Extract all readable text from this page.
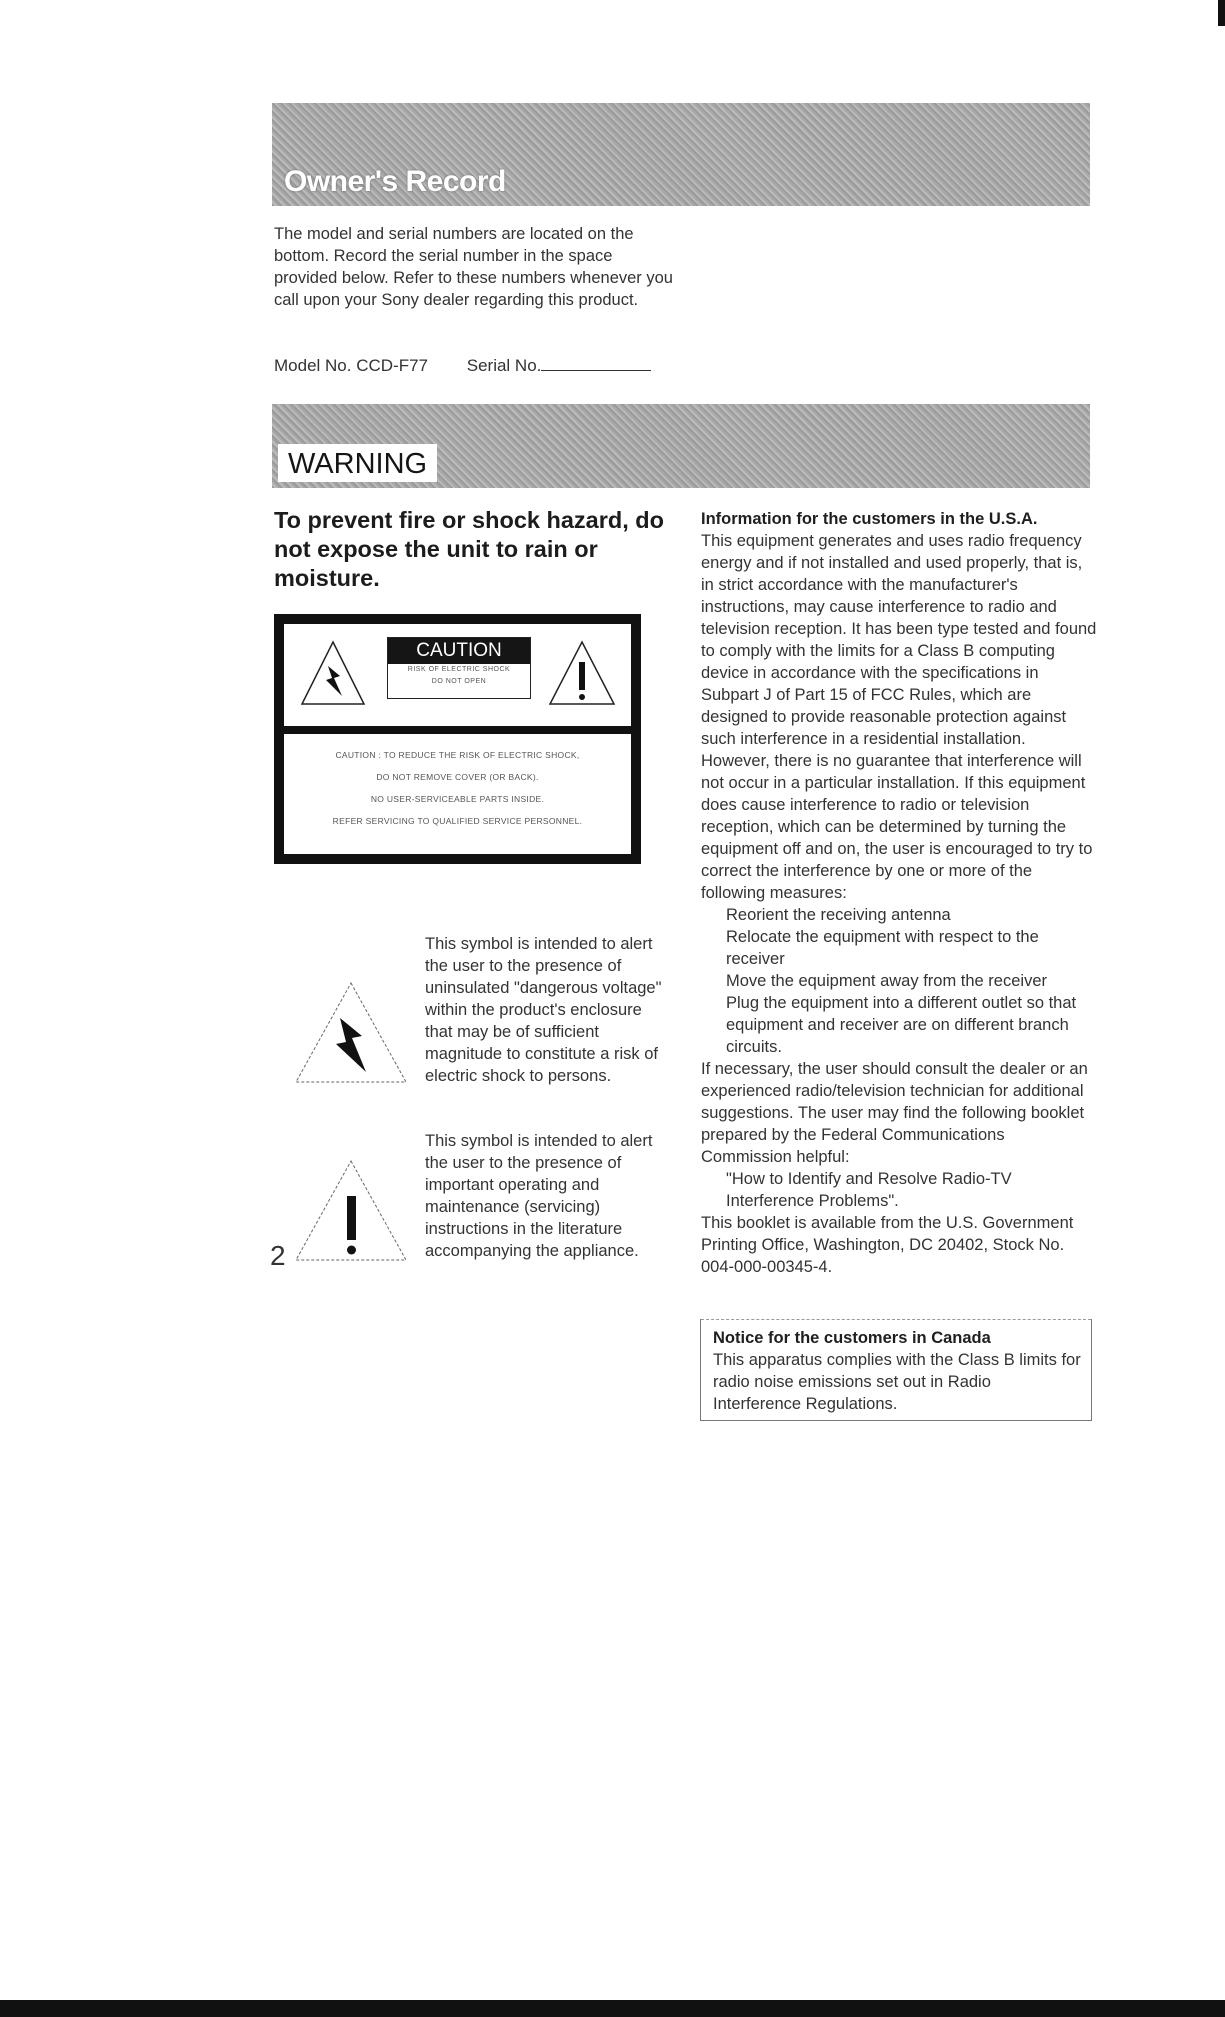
Owner's Record
The model and serial numbers are located on the bottom. Record the serial number in the space provided below. Refer to these numbers whenever you call upon your Sony dealer regarding this product.
Model No. CCD-F77 Serial No.
WARNING
To prevent fire or shock hazard, do not expose the unit to rain or moisture.
CAUTION
RISK OF ELECTRIC SHOCK
DO NOT OPEN
CAUTION : TO REDUCE THE RISK OF ELECTRIC SHOCK,
DO NOT REMOVE COVER (OR BACK).
NO USER-SERVICEABLE PARTS INSIDE.
REFER SERVICING TO QUALIFIED SERVICE PERSONNEL.
This symbol is intended to alert the user to the presence of uninsulated "dangerous voltage" within the product's enclosure that may be of sufficient magnitude to constitute a risk of electric shock to persons.
This symbol is intended to alert the user to the presence of important operating and maintenance (servicing) instructions in the literature accompanying the appliance.
Information for the customers in the U.S.A.
This equipment generates and uses radio frequency energy and if not installed and used properly, that is, in strict accordance with the manufacturer's instructions, may cause interference to radio and television reception. It has been type tested and found to comply with the limits for a Class B computing device in accordance with the specifications in Subpart J of Part 15 of FCC Rules, which are designed to provide reasonable protection against such interference in a residential installation. However, there is no guarantee that interference will not occur in a particular installation. If this equipment does cause interference to radio or television reception, which can be determined by turning the equipment off and on, the user is encouraged to try to correct the interference by one or more of the following measures:
Reorient the receiving antenna
Relocate the equipment with respect to the receiver
Move the equipment away from the receiver
Plug the equipment into a different outlet so that equipment and receiver are on different branch circuits.
If necessary, the user should consult the dealer or an experienced radio/television technician for additional suggestions. The user may find the following booklet prepared by the Federal Communications Commission helpful:
"How to Identify and Resolve Radio-TV Interference Problems".
This booklet is available from the U.S. Government Printing Office, Washington, DC 20402, Stock No. 004-000-00345-4.
Notice for the customers in Canada
This apparatus complies with the Class B limits for radio noise emissions set out in Radio Interference Regulations.
2
